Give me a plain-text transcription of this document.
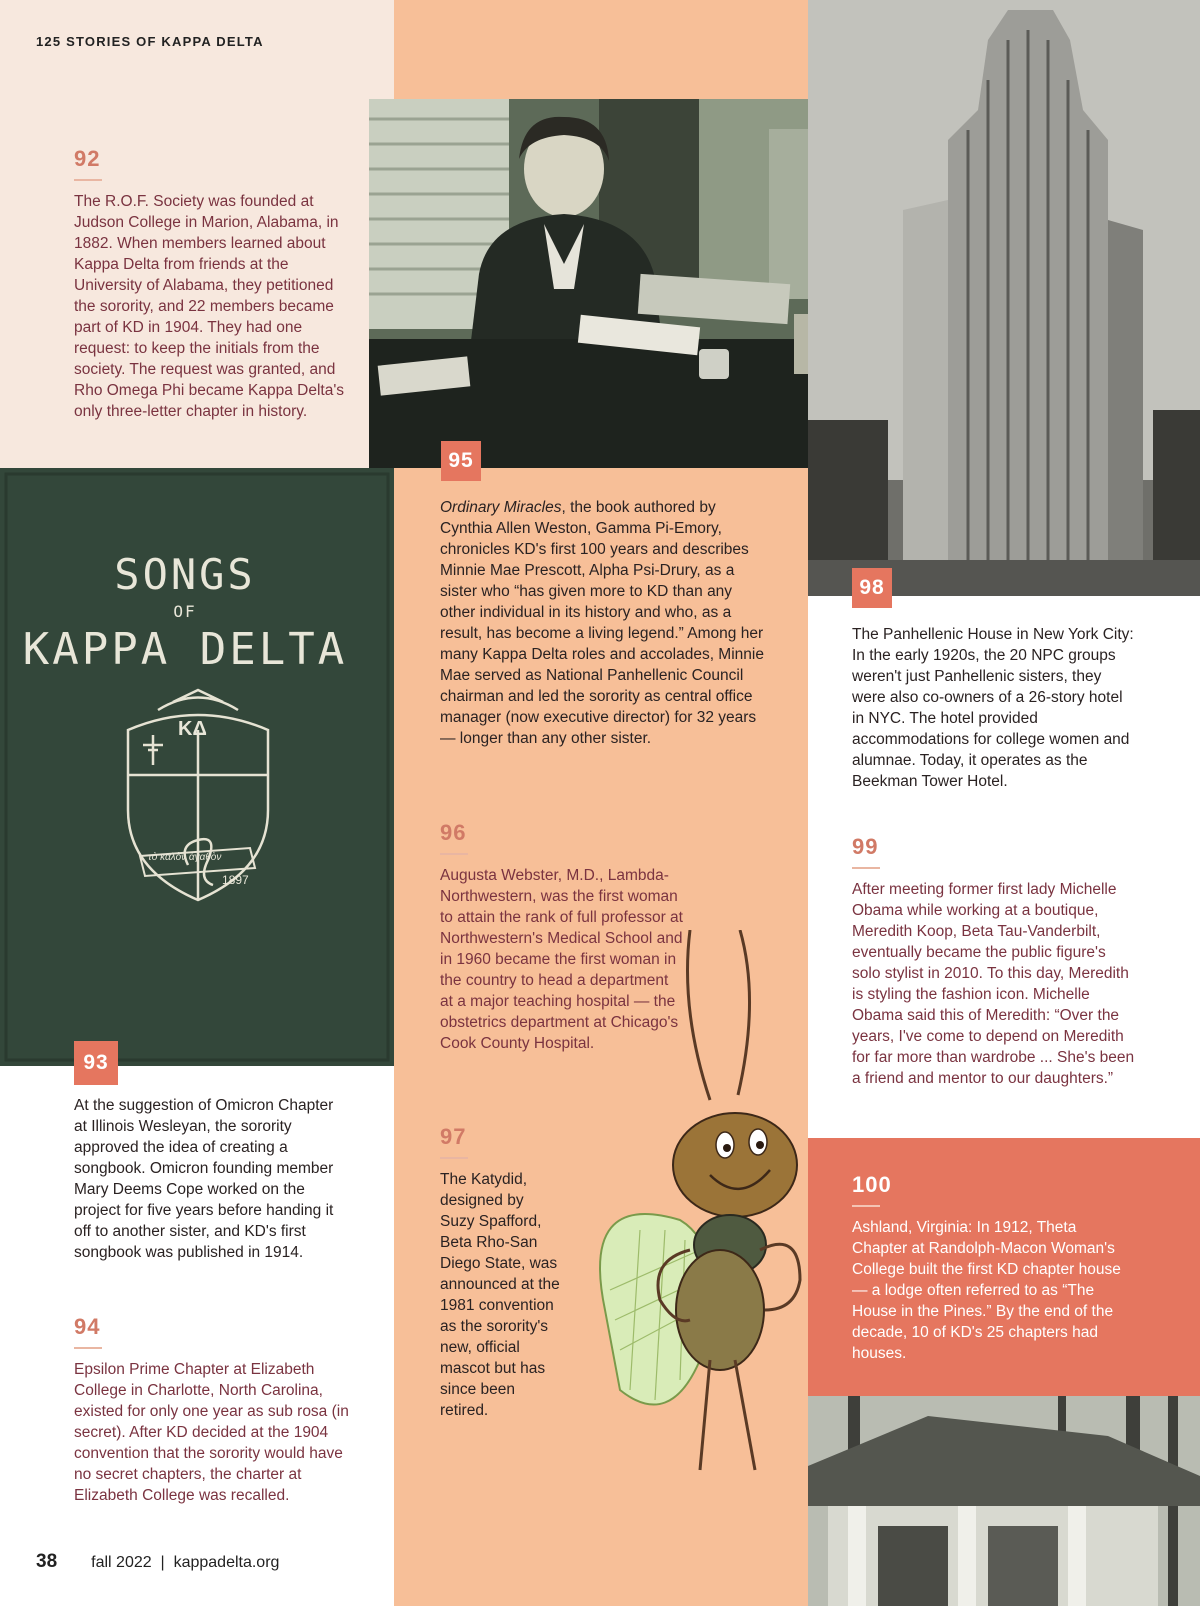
125 STORIES OF KAPPA DELTA
SONGS
OF
KAPPA DELTA
KΔ
τὸ καλὸν ἀγαθὸν
1897
92
The R.O.F. Society was founded at Judson College in Marion, Alabama, in 1882. When members learned about Kappa Delta from friends at the University of Alabama, they petitioned the sorority, and 22 members became part of KD in 1904. They had one request: to keep the initials from the society. The request was granted, and Rho Omega Phi became Kappa Delta's only three-letter chapter in history.
95
Ordinary Miracles, the book authored by Cynthia Allen Weston, Gamma Pi-Emory, chronicles KD's first 100 years and describes Minnie Mae Prescott, Alpha Psi-Drury, as a sister who “has given more to KD than any other individual in its history and who, as a result, has become a living legend.” Among her many Kappa Delta roles and accolades, Minnie Mae served as National Panhellenic Council chairman and led the sorority as central office manager (now executive director) for 32 years — longer than any other sister.
96
Augusta Webster, M.D., Lambda-Northwestern, was the first woman to attain the rank of full professor at Northwestern's Medical School and in 1960 became the first woman in the country to head a department at a major teaching hospital — the obstetrics department at Chicago's Cook County Hospital.
97
The Katydid, designed by Suzy Spafford, Beta Rho-San Diego State, was announced at the 1981 convention as the sorority's new, official mascot but has since been retired.
98
The Panhellenic House in New York City: In the early 1920s, the 20 NPC groups weren't just Panhellenic sisters, they were also co-owners of a 26-story hotel in NYC. The hotel provided accommodations for college women and alumnae. Today, it operates as the Beekman Tower Hotel.
99
After meeting former first lady Michelle Obama while working at a boutique, Meredith Koop, Beta Tau-Vanderbilt, eventually became the public figure's solo stylist in 2010. To this day, Meredith is styling the fashion icon. Michelle Obama said this of Meredith: “Over the years, I've come to depend on Meredith for far more than wardrobe ... She's been a friend and mentor to our daughters.”
100
Ashland, Virginia: In 1912, Theta Chapter at Randolph-Macon Woman's College built the first KD chapter house — a lodge often referred to as “The House in the Pines.” By the end of the decade, 10 of KD's 25 chapters had houses.
93
At the suggestion of Omicron Chapter at Illinois Wesleyan, the sorority approved the idea of creating a songbook. Omicron founding member Mary Deems Cope worked on the project for five years before handing it off to another sister, and KD's first songbook was published in 1914.
94
Epsilon Prime Chapter at Elizabeth College in Charlotte, North Carolina, existed for only one year as sub rosa (in secret). After KD decided at the 1904 convention that the sorority would have no secret chapters, the charter at Elizabeth College was recalled.
38 fall 2022  |  kappadelta.org
